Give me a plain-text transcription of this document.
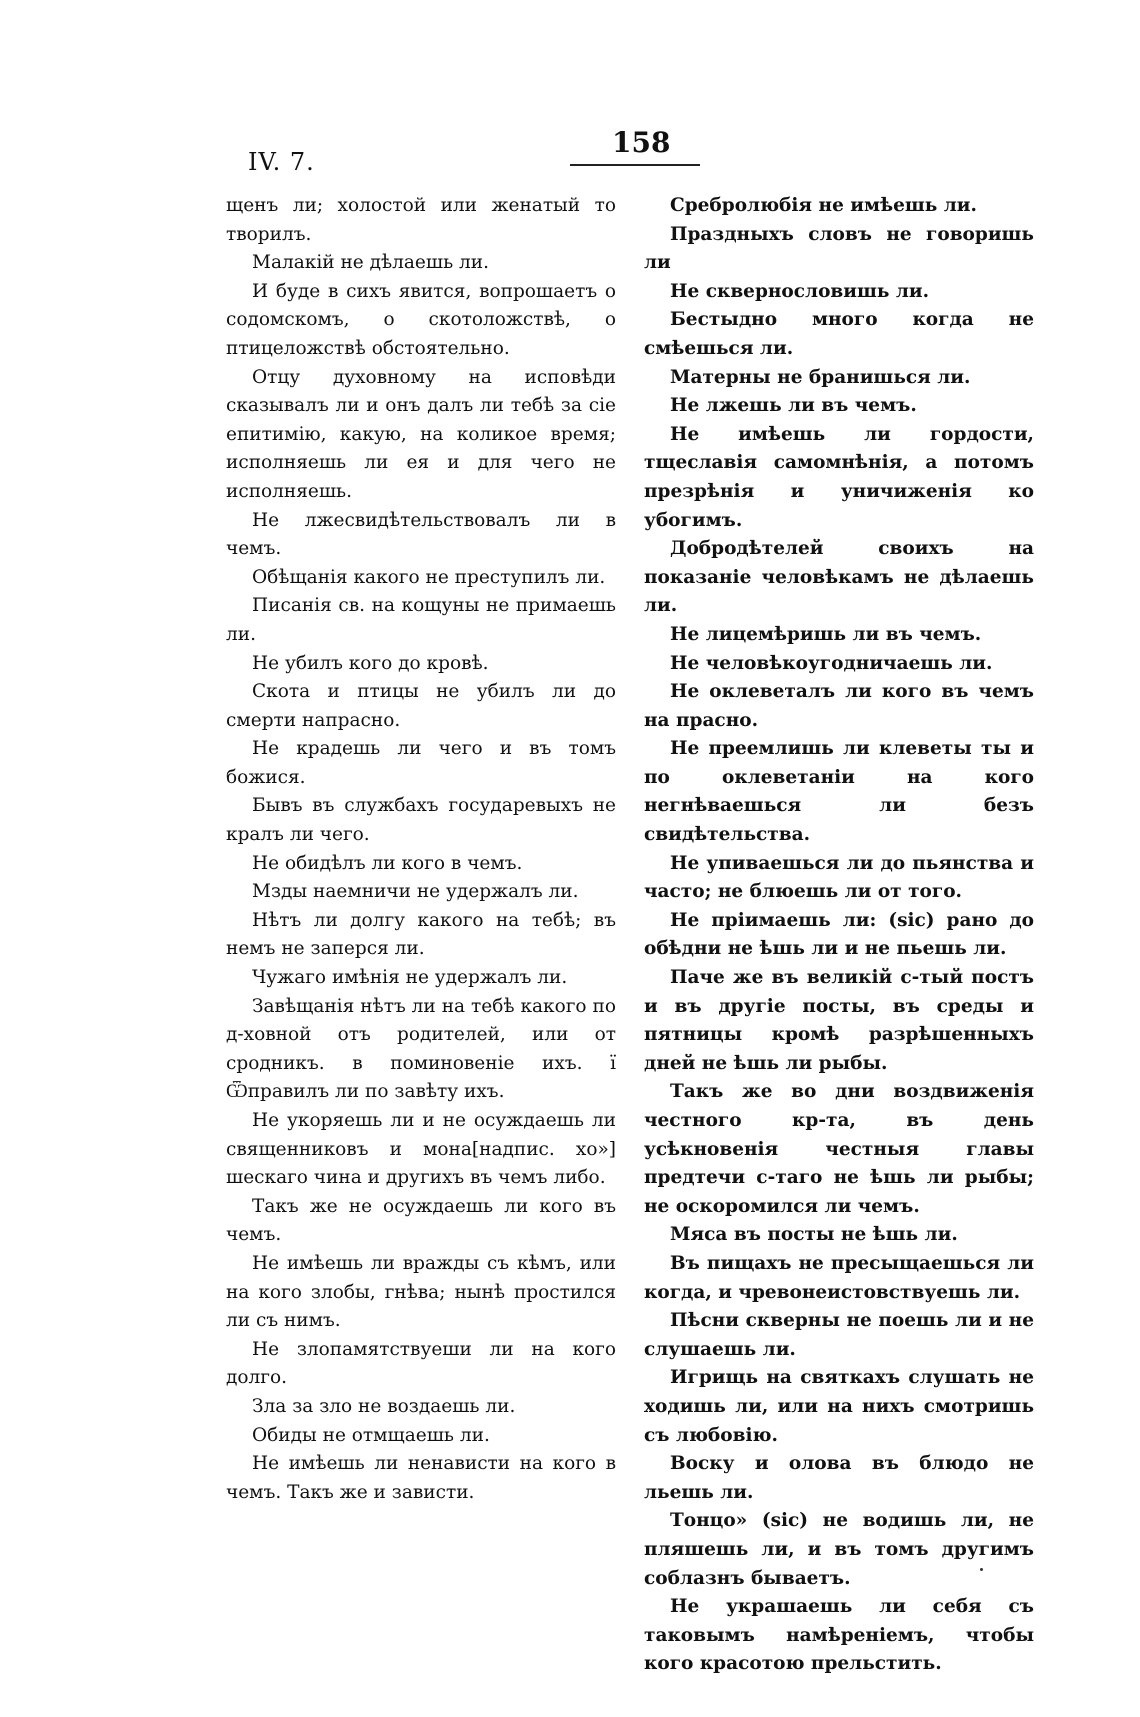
IV. 7.
158

щенъ ли; холостой или женатый то творилъ.

Малакій не дѣлаешь ли.

И буде в сихъ явится, вопрошаетъ о содомскомъ, о скотоложствѣ, о птицеложствѣ обстоятельно.

Отцу духовному на исповѣди сказывалъ ли и онъ далъ ли тебѣ за сіе епитимію, какую, на коликое время; исполняешь ли ея и для чего не исполняешь.

Не лжесвидѣтельствовалъ ли в чемъ.

Обѣщанія какого не преступилъ ли.

Писанія св. на кощуны не примаешь ли.

Не убилъ кого до кровѣ.

Скота и птицы не убилъ ли до смерти напрасно.

Не крадешь ли чего и въ томъ божися.

Бывъ въ службахъ государевыхъ не кралъ ли чего.

Не обидѣлъ ли кого в чемъ.

Мзды наемничи не удержалъ ли.

Нѣтъ ли долгу какого на тебѣ; въ немъ не заперся ли.

Чужаго имѣнія не удержалъ ли.

Завѣщанія нѣтъ ли на тебѣ какого по д-ховной отъ родителей, или от сродникъ. в поминовеніе ихъ. ї Ѿправилъ ли по завѣту ихъ.

Не укоряешь ли и не осуждаешь ли священниковъ и мона[надпис. хо»] шескаго чина и другихъ въ чемъ либо.

Такъ же не осуждаешь ли кого въ чемъ.

Не имѣешь ли вражды съ кѣмъ, или на кого злобы, гнѣва; нынѣ простился ли съ нимъ.

Не злопамятствуеши ли на кого долго.

Зла за зло не воздаешь ли.

Обиды не отмщаешь ли.

Не имѣешь ли ненависти на кого в чемъ. Такъ же и зависти.

Сребролюбія не имѣешь ли.

Праздныхъ словъ не говоришь ли

Не сквернословишь ли.

Бестыдно много когда не смѣешься ли.

Матерны не бранишься ли.

Не лжешь ли въ чемъ.

Не имѣешь ли гордости, тщеславія самомнѣнія, а потомъ презрѣнія и уничиженія ко убогимъ.

Добродѣтелей своихъ на показаніе человѣкамъ не дѣлаешь ли.

Не лицемѣришь ли въ чемъ.

Не человѣкоугодничаешь ли.

Не оклеветалъ ли кого въ чемъ на прасно.

Не преемлишь ли клеветы ты и по оклеветаніи на кого негнѣваешься ли безъ свидѣтельства.

Не упиваешься ли до пьянства и часто; не блюешь ли от того.

Не пріимаешь ли: (sic) рано до обѣдни не ѣшь ли и не пьешь ли.

Паче же въ великій с-тый постъ и въ другіе посты, въ среды и пятницы кромѣ разрѣшенныхъ дней не ѣшь ли рыбы.

Такъ же во дни воздвиженія честного кр-та, въ день усѣкновенія честныя главы предтечи с-таго не ѣшь ли рыбы; не оскоромился ли чемъ.

Мяса въ посты не ѣшь ли.

Въ пищахъ не пресыщаешься ли когда, и чревонеистовствуешь ли.

Пѣсни скверны не поешь ли и не слушаешь ли.

Игрищь на святкахъ слушать не ходишь ли, или на нихъ смотришь съ любовію.

Воску и олова въ блюдо не льешь ли.

Тонцо» (sic) не водишь ли, не пляшешь ли, и въ томъ другимъ соблазнъ бываетъ.

Не украшаешь ли себя съ таковымъ намѣреніемъ, чтобы кого красотою прельстить.
